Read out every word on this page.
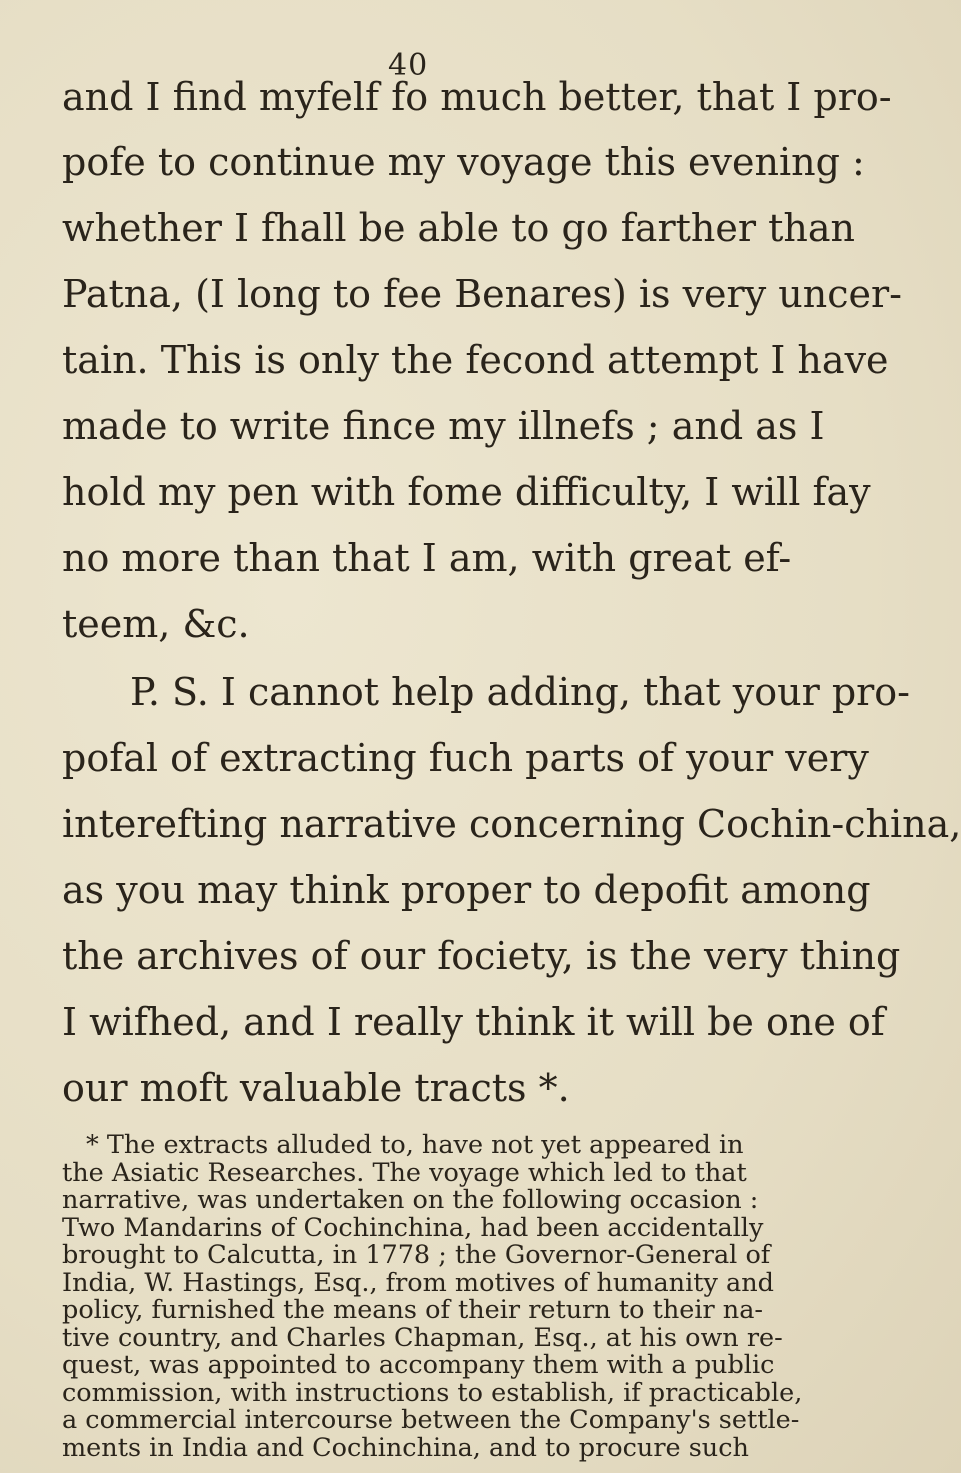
40
and I find myfelf fo much better, that I pro-
pofe to continue my voyage this evening :
whether I fhall be able to go farther than
Patna, (I long to fee Benares) is very uncer-
tain. This is only the fecond attempt I have
made to write fince my illnefs ; and as I
hold my pen with fome difficulty, I will fay
no more than that I am, with great ef-
teem, &c.
P. S. I cannot help adding, that your pro-
pofal of extracting fuch parts of your very
interefting narrative concerning Cochin-china,
as you may think proper to depofit among
the archives of our fociety, is the very thing
I wifhed, and I really think it will be one of
our moft valuable tracts *.
* The extracts alluded to, have not yet appeared in
the Asiatic Researches. The voyage which led to that
narrative, was undertaken on the following occasion :
Two Mandarins of Cochinchina, had been accidentally
brought to Calcutta, in 1778 ; the Governor-General of
India, W. Hastings, Esq., from motives of humanity and
policy, furnished the means of their return to their na-
tive country, and Charles Chapman, Esq., at his own re-
quest, was appointed to accompany them with a public
commission, with instructions to establish, if practicable,
a commercial intercourse between the Company's settle-
ments in India and Cochinchina, and to procure such
